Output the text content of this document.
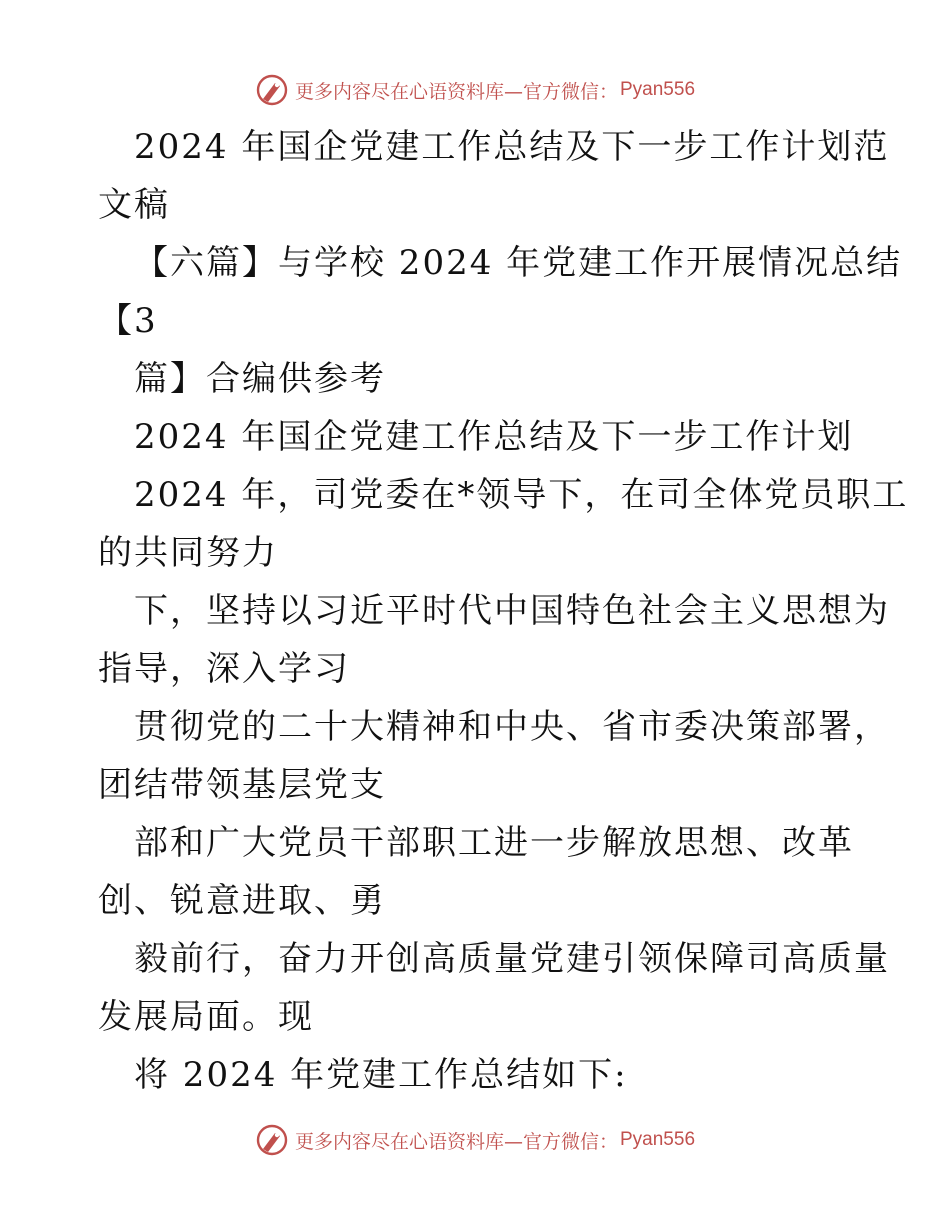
更多内容尽在心语资料库—官方微信： Pyan556

2024 年国企党建工作总结及下一步工作计划范

文稿

【六篇】与学校 2024 年党建工作开展情况总结

【3

篇】合编供参考

2024 年国企党建工作总结及下一步工作计划

2024 年，司党委在*领导下，在司全体党员职工

的共同努力

下，坚持以习近平时代中国特色社会主义思想为

指导，深入学习

贯彻党的二十大精神和中央、省市委决策部署，

团结带领基层党支

部和广大党员干部职工进一步解放思想、改革

创、锐意进取、勇

毅前行，奋力开创高质量党建引领保障司高质量

发展局面。现

将 2024 年党建工作总结如下:

更多内容尽在心语资料库—官方微信： Pyan556
